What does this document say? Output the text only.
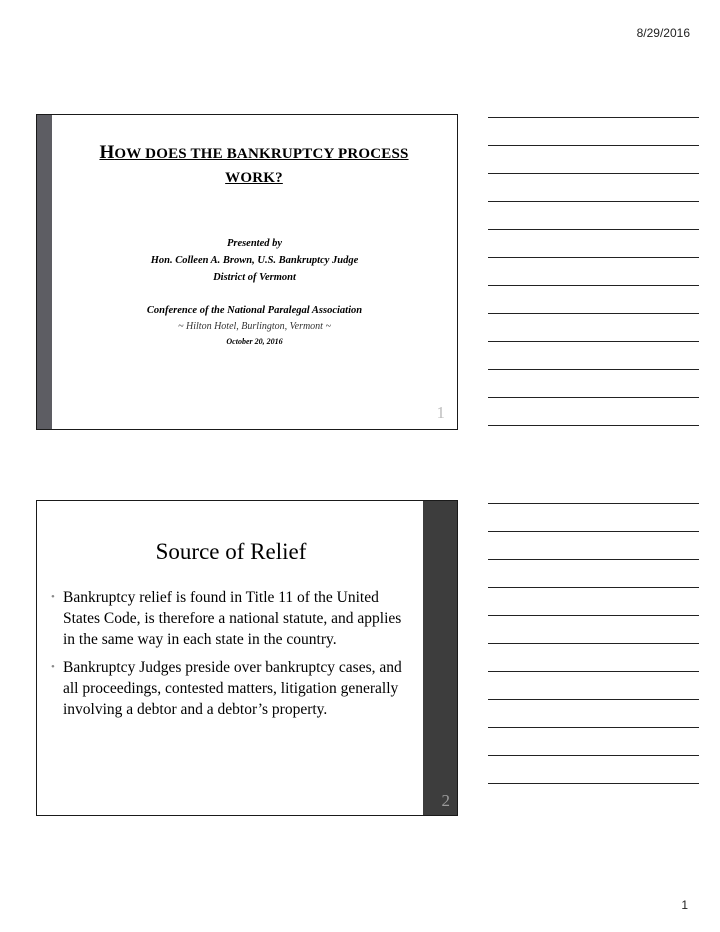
8/29/2016
HOW DOES THE BANKRUPTCY PROCESS
WORK?
Presented by
Hon. Colleen A. Brown, U.S. Bankruptcy Judge
District of Vermont
Conference of the National Paralegal Association
~ Hilton Hotel, Burlington, Vermont ~
October 20, 2016
1
Source of Relief
• Bankruptcy relief is found in Title 11 of the United States Code, is therefore a national statute, and applies in the same way in each state in the country.
• Bankruptcy Judges preside over bankruptcy cases, and all proceedings, contested matters, litigation generally involving a debtor and a debtor’s property.
2
1
